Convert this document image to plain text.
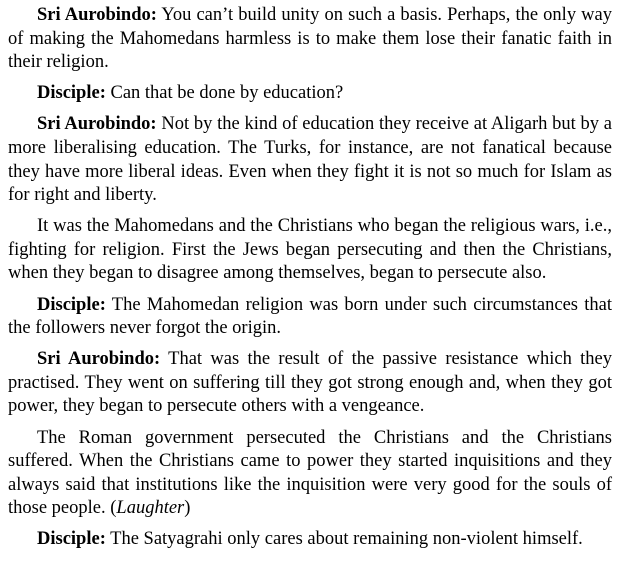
Sri Aurobindo: You can’t build unity on such a basis. Perhaps, the only way of making the Mahomedans harmless is to make them lose their fanatic faith in their religion.

Disciple: Can that be done by education?

Sri Aurobindo: Not by the kind of education they receive at Aligarh but by a more liberalising education. The Turks, for instance, are not fanatical because they have more liberal ideas. Even when they fight it is not so much for Islam as for right and liberty.

It was the Mahomedans and the Christians who began the religious wars, i.e., fighting for religion. First the Jews began persecuting and then the Christians, when they began to disagree among themselves, began to persecute also.

Disciple: The Mahomedan religion was born under such circumstances that the followers never forgot the origin.

Sri Aurobindo: That was the result of the passive resistance which they practised. They went on suffering till they got strong enough and, when they got power, they began to persecute others with a vengeance.

The Roman government persecuted the Christians and the Christians suffered. When the Christians came to power they started inquisitions and they always said that institutions like the inquisition were very good for the souls of those people. (Laughter)

Disciple: The Satyagrahi only cares about remaining non-violent himself.
